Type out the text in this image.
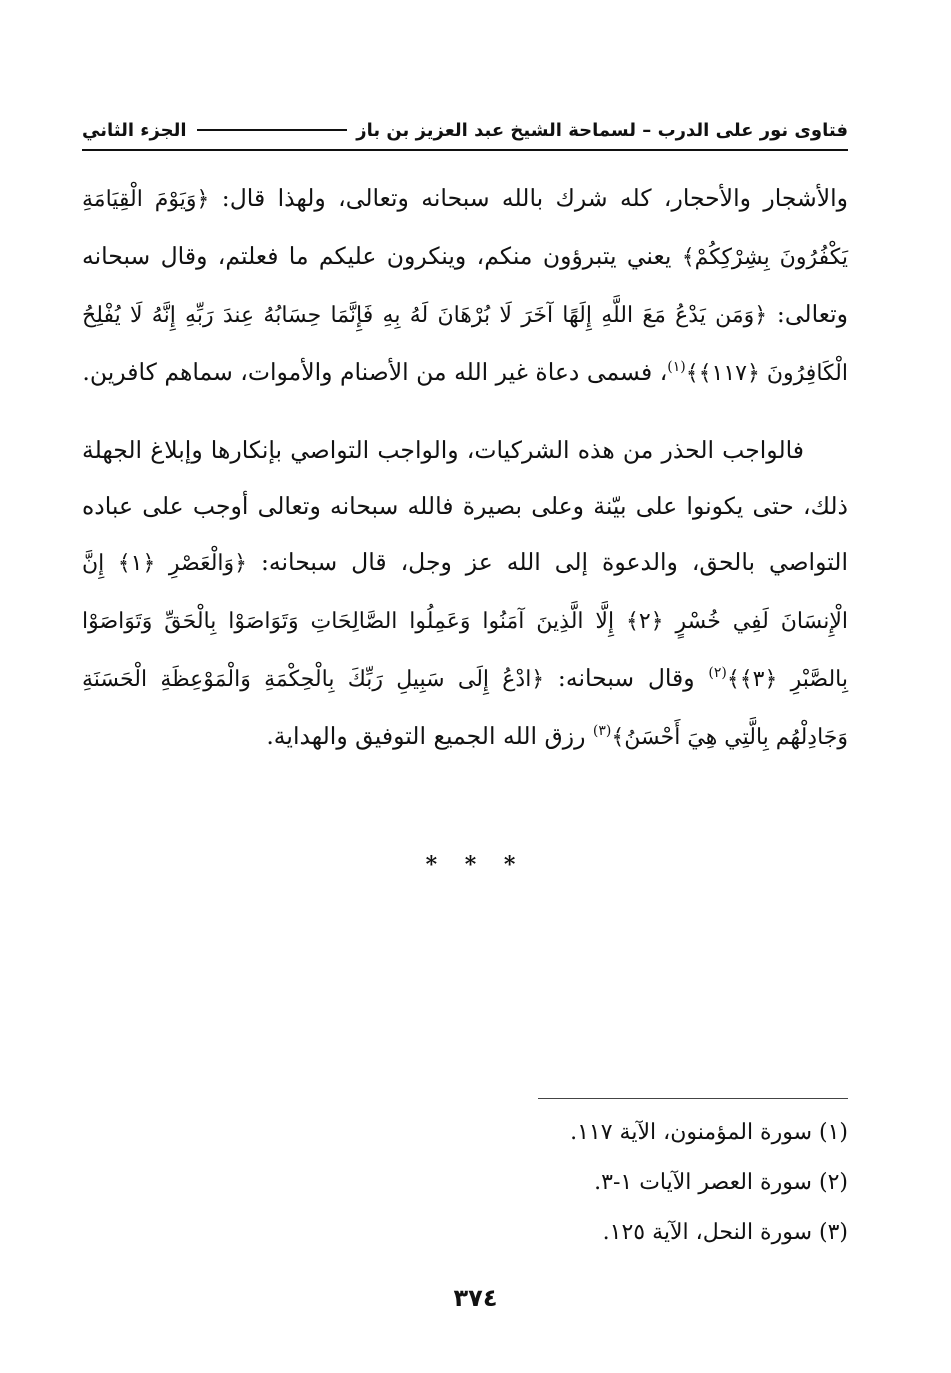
فتاوى نور على الدرب – لسماحة الشيخ عبد العزيز بن باز
الجزء الثاني

والأشجار والأحجار، كله شرك بالله سبحانه وتعالى، ولهذا قال: ﴿وَيَوْمَ الْقِيَامَةِ يَكْفُرُونَ بِشِرْكِكُمْ﴾ يعني يتبرؤون منكم، وينكرون عليكم ما فعلتم، وقال سبحانه وتعالى: ﴿وَمَن يَدْعُ مَعَ اللَّهِ إِلَهًا آخَرَ لَا بُرْهَانَ لَهُ بِهِ فَإِنَّمَا حِسَابُهُ عِندَ رَبِّهِ إِنَّهُ لَا يُفْلِحُ الْكَافِرُونَ ﴿١١٧﴾﴾$^{(١)}$، فسمى دعاة غير الله من الأصنام والأموات، سماهم كافرين.

فالواجب الحذر من هذه الشركيات، والواجب التواصي بإنكارها وإبلاغ الجهلة ذلك، حتى يكونوا على بيّنة وعلى بصيرة فالله سبحانه وتعالى أوجب على عباده التواصي بالحق، والدعوة إلى الله عز وجل، قال سبحانه: ﴿وَالْعَصْرِ ﴿١﴾ إِنَّ الْإِنسَانَ لَفِي خُسْرٍ ﴿٢﴾ إِلَّا الَّذِينَ آمَنُوا وَعَمِلُوا الصَّالِحَاتِ وَتَوَاصَوْا بِالْحَقِّ وَتَوَاصَوْا بِالصَّبْرِ ﴿٣﴾﴾$^{(٢)}$ وقال سبحانه: ﴿ادْعُ إِلَى سَبِيلِ رَبِّكَ بِالْحِكْمَةِ وَالْمَوْعِظَةِ الْحَسَنَةِ وَجَادِلْهُم بِالَّتِي هِيَ أَحْسَنُ﴾$^{(٣)}$ رزق الله الجميع التوفيق والهداية.

* * *

(١) سورة المؤمنون، الآية ١١٧.

(٢) سورة العصر الآيات ١-٣.

(٣) سورة النحل، الآية ١٢٥.

٣٧٤
